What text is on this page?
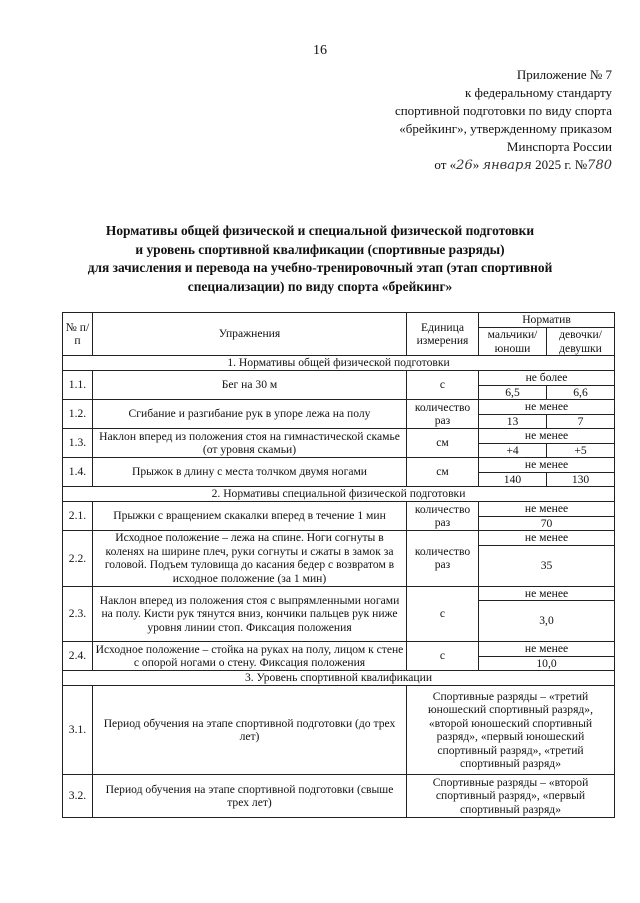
16
Приложение № 7
к федеральному стандарту
спортивной подготовки по виду спорта
«брейкинг», утвержденному приказом
Минспорта России
от «26» января 2025 г. №780
Нормативы общей физической и специальной физической подготовки
и уровень спортивной квалификации (спортивные разряды)
для зачисления и перевода на учебно-тренировочный этап (этап спортивной
специализации) по виду спорта «брейкинг»
№ п/п	Упражнения	Единица измерения	Норматив	
			мальчики/ юноши	девочки/ девушки
1. Нормативы общей физической подготовки				
1.1.	Бег на 30 м	с	не более	
			6,5	6,6
1.2.	Сгибание и разгибание рук в упоре лежа на полу	количество раз	не менее	
			13	7
1.3.	Наклон вперед из положения стоя на гимнастической скамье (от уровня скамьи)	см	не менее	
			+4	+5
1.4.	Прыжок в длину с места толчком двумя ногами	см	не менее	
			140	130
2. Нормативы специальной физической подготовки				
2.1.	Прыжки с вращением скакалки вперед в течение 1 мин	количество раз	не менее	
			70	
2.2.	Исходное положение – лежа на спине. Ноги согнуты в коленях на ширине плеч, руки согнуты и сжаты в замок за головой. Подъем туловища до касания бедер с возвратом в исходное положение (за 1 мин)	количество раз	не менее	
			35	
2.3.	Наклон вперед из положения стоя с выпрямленными ногами на полу. Кисти рук тянутся вниз, кончики пальцев рук ниже уровня линии стоп. Фиксация положения	с	не менее	
			3,0	
2.4.	Исходное положение – стойка на руках на полу, лицом к стене с опорой ногами о стену. Фиксация положения	с	не менее	
			10,0	
3. Уровень спортивной квалификации				
3.1.	Период обучения на этапе спортивной подготовки (до трех лет)	Спортивные разряды – «третий юношеский спортивный разряд», «второй юношеский спортивный разряд», «первый юношеский спортивный разряд», «третий спортивный разряд»		
3.2.	Период обучения на этапе спортивной подготовки (свыше трех лет)	Спортивные разряды – «второй спортивный разряд», «первый спортивный разряд»		
